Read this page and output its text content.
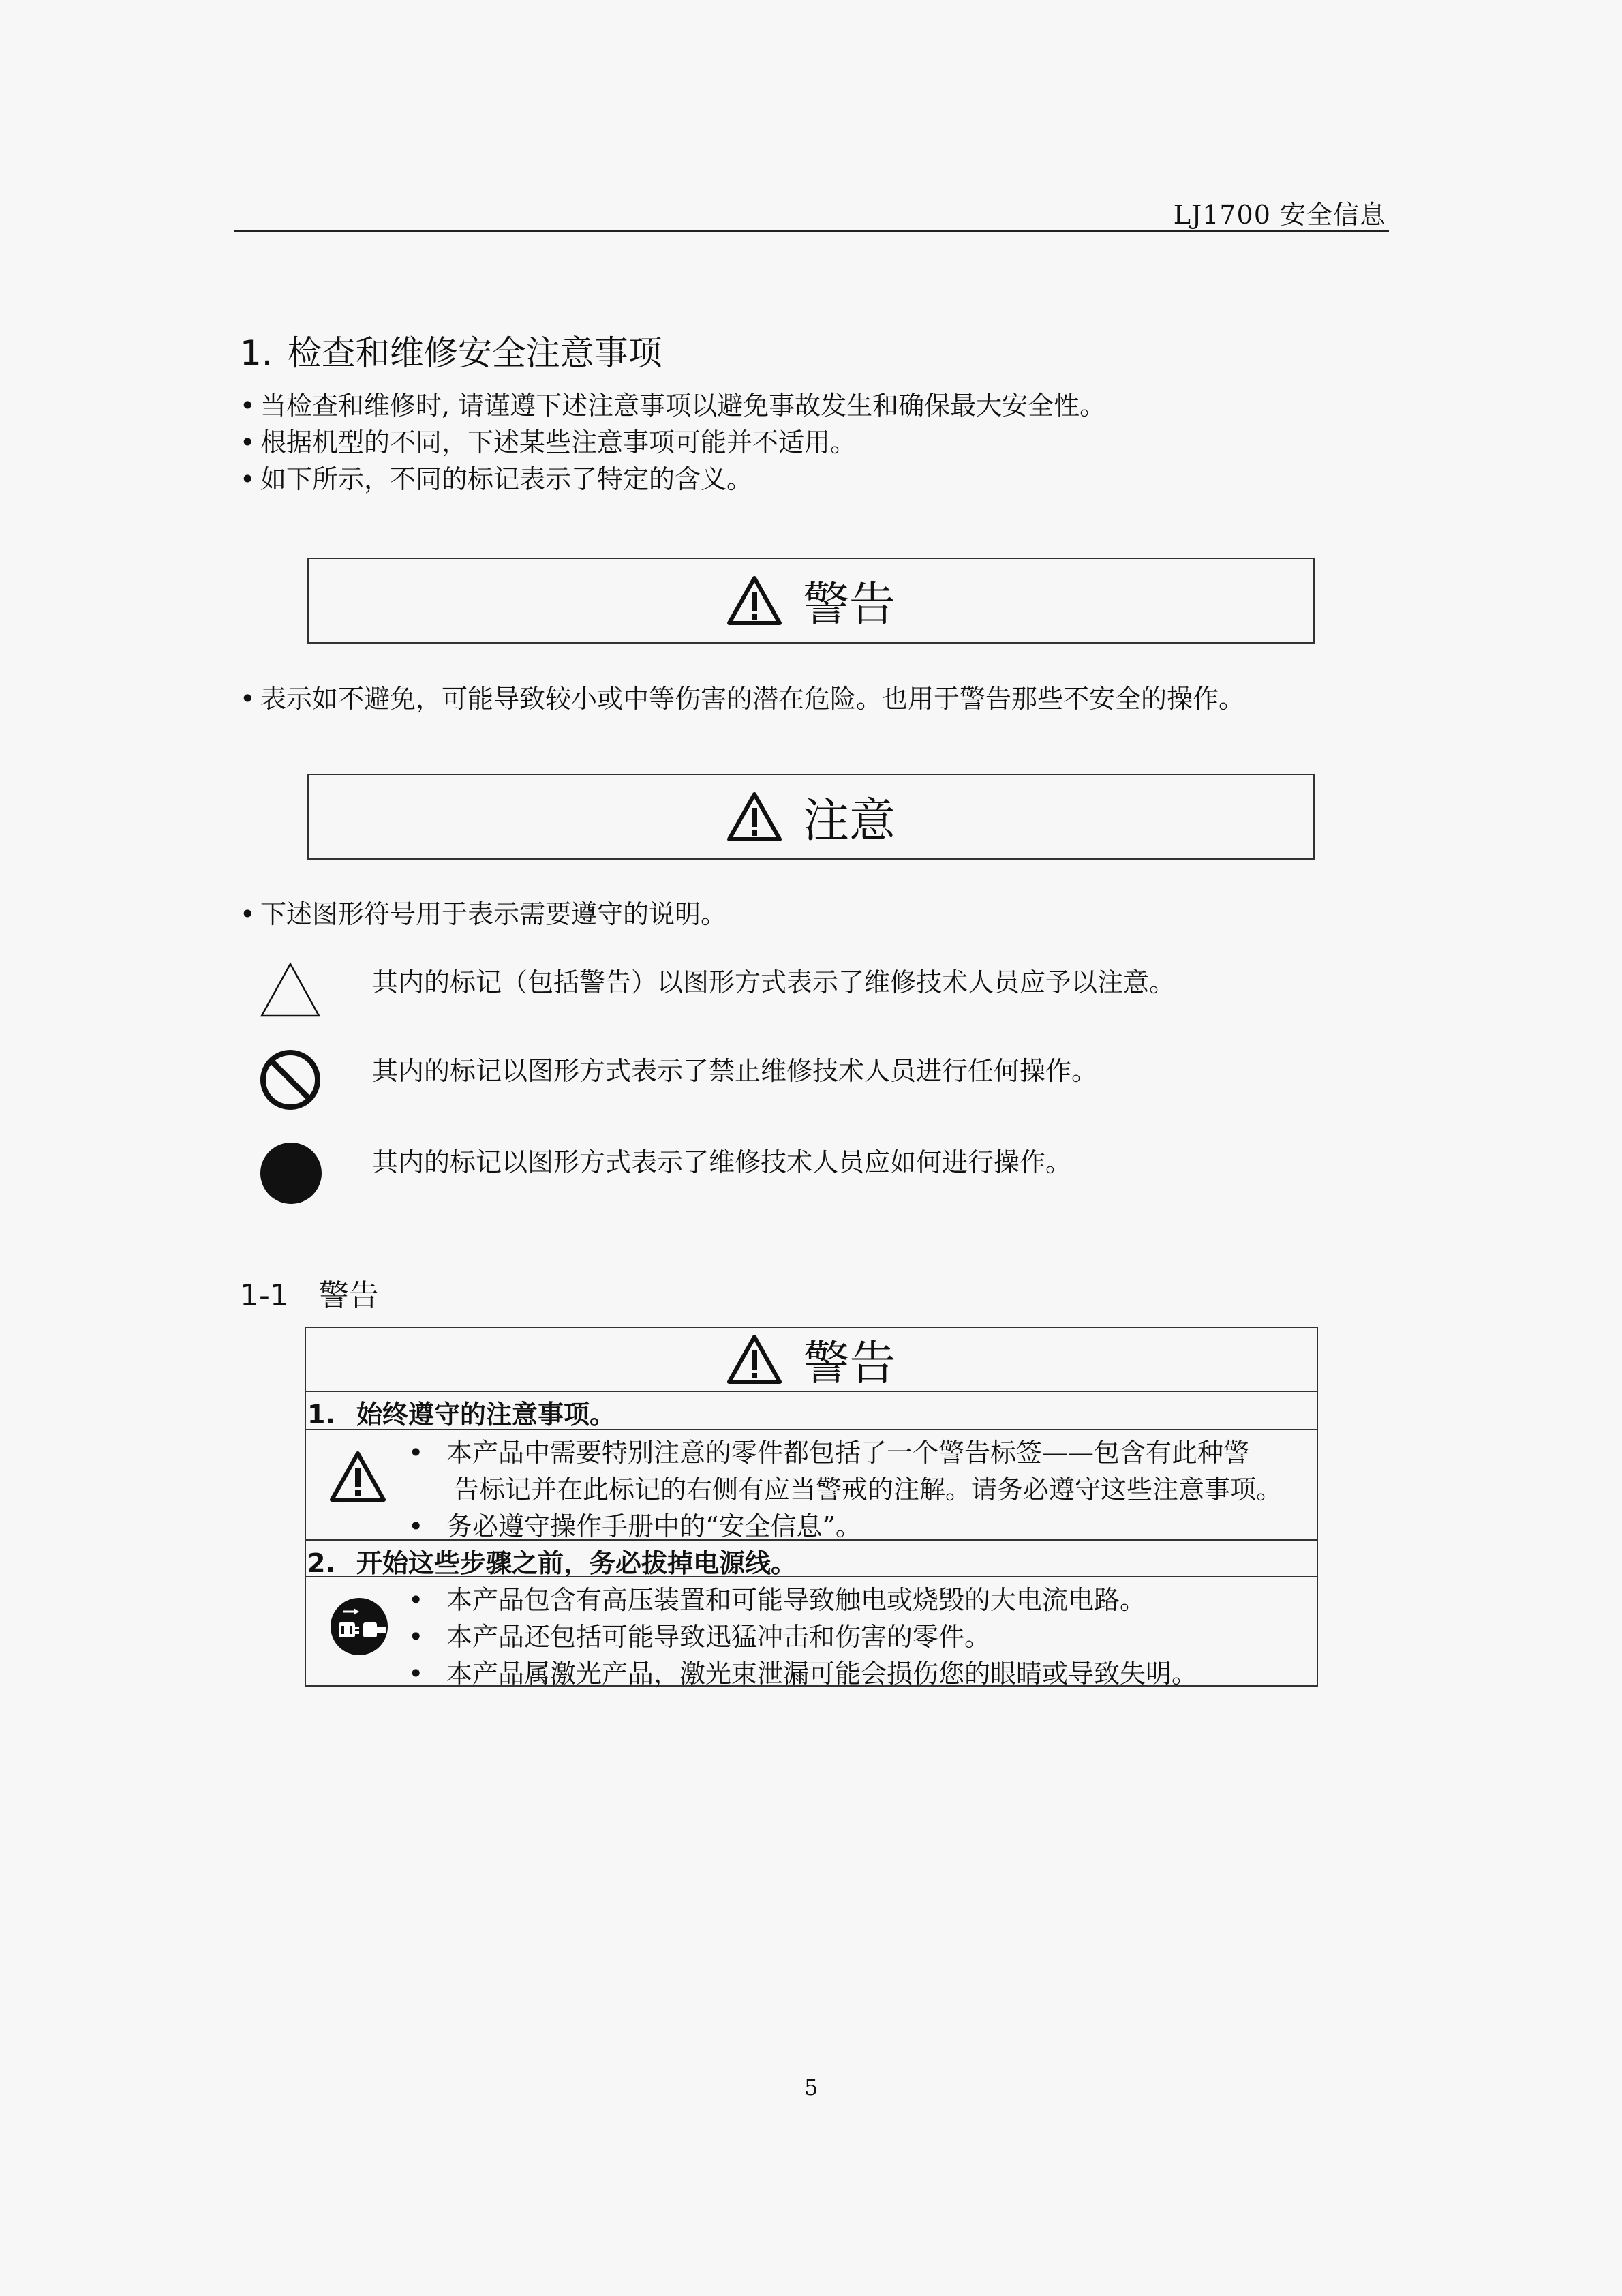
LJ1700 安全信息
1. 检查和维修安全注意事项
• 当检查和维修时, 请谨遵下述注意事项以避免事故发生和确保最大安全性。
• 根据机型的不同，下述某些注意事项可能并不适用。
• 如下所示，不同的标记表示了特定的含义。
警告
• 表示如不避免，可能导致较小或中等伤害的潜在危险。也用于警告那些不安全的操作。
注意
• 下述图形符号用于表示需要遵守的说明。
其内的标记（包括警告）以图形方式表示了维修技术人员应予以注意。
其内的标记以图形方式表示了禁止维修技术人员进行任何操作。
其内的标记以图形方式表示了维修技术人员应如何进行操作。
1-1 警告
警告
1. 始终遵守的注意事项。
• 本产品中需要特别注意的零件都包括了一个警告标签——包含有此种警
告标记并在此标记的右侧有应当警戒的注解。请务必遵守这些注意事项。
• 务必遵守操作手册中的“安全信息”。
2. 开始这些步骤之前，务必拔掉电源线。
• 本产品包含有高压装置和可能导致触电或烧毁的大电流电路。
• 本产品还包括可能导致迅猛冲击和伤害的零件。
• 本产品属激光产品，激光束泄漏可能会损伤您的眼睛或导致失明。
5
